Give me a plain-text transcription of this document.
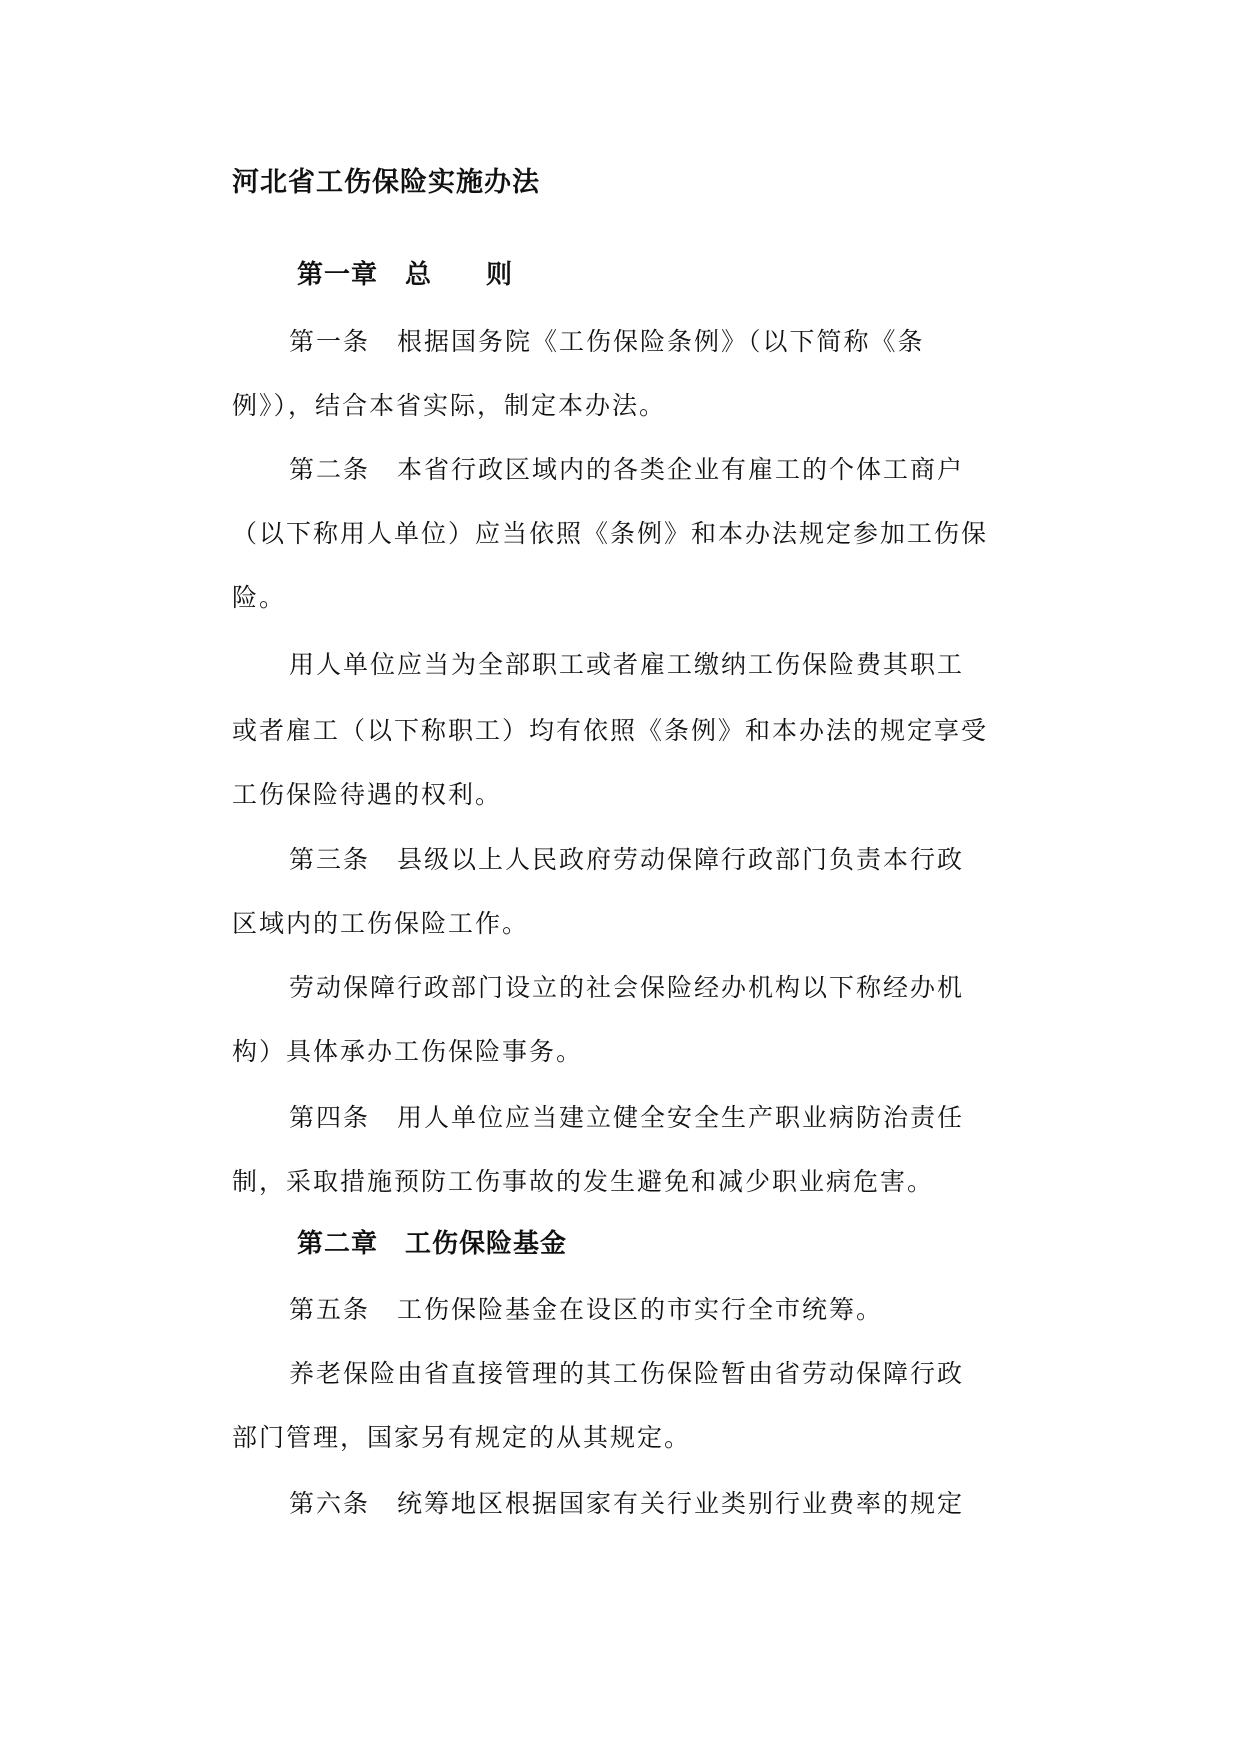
河北省工伤保险实施办法
第一章　总　　则
第一条　根据国务院《工伤保险条例》（以下简称《条
例》），结合本省实际，制定本办法。
第二条　本省行政区域内的各类企业有雇工的个体工商户
（以下称用人单位）应当依照《条例》和本办法规定参加工伤保
险。
用人单位应当为全部职工或者雇工缴纳工伤保险费其职工
或者雇工（以下称职工）均有依照《条例》和本办法的规定享受
工伤保险待遇的权利。
第三条　县级以上人民政府劳动保障行政部门负责本行政
区域内的工伤保险工作。
劳动保障行政部门设立的社会保险经办机构以下称经办机
构）具体承办工伤保险事务。
第四条　用人单位应当建立健全安全生产职业病防治责任
制，采取措施预防工伤事故的发生避免和减少职业病危害。
第二章　工伤保险基金
第五条　工伤保险基金在设区的市实行全市统筹。
养老保险由省直接管理的其工伤保险暂由省劳动保障行政
部门管理，国家另有规定的从其规定。
第六条　统筹地区根据国家有关行业类别行业费率的规定
